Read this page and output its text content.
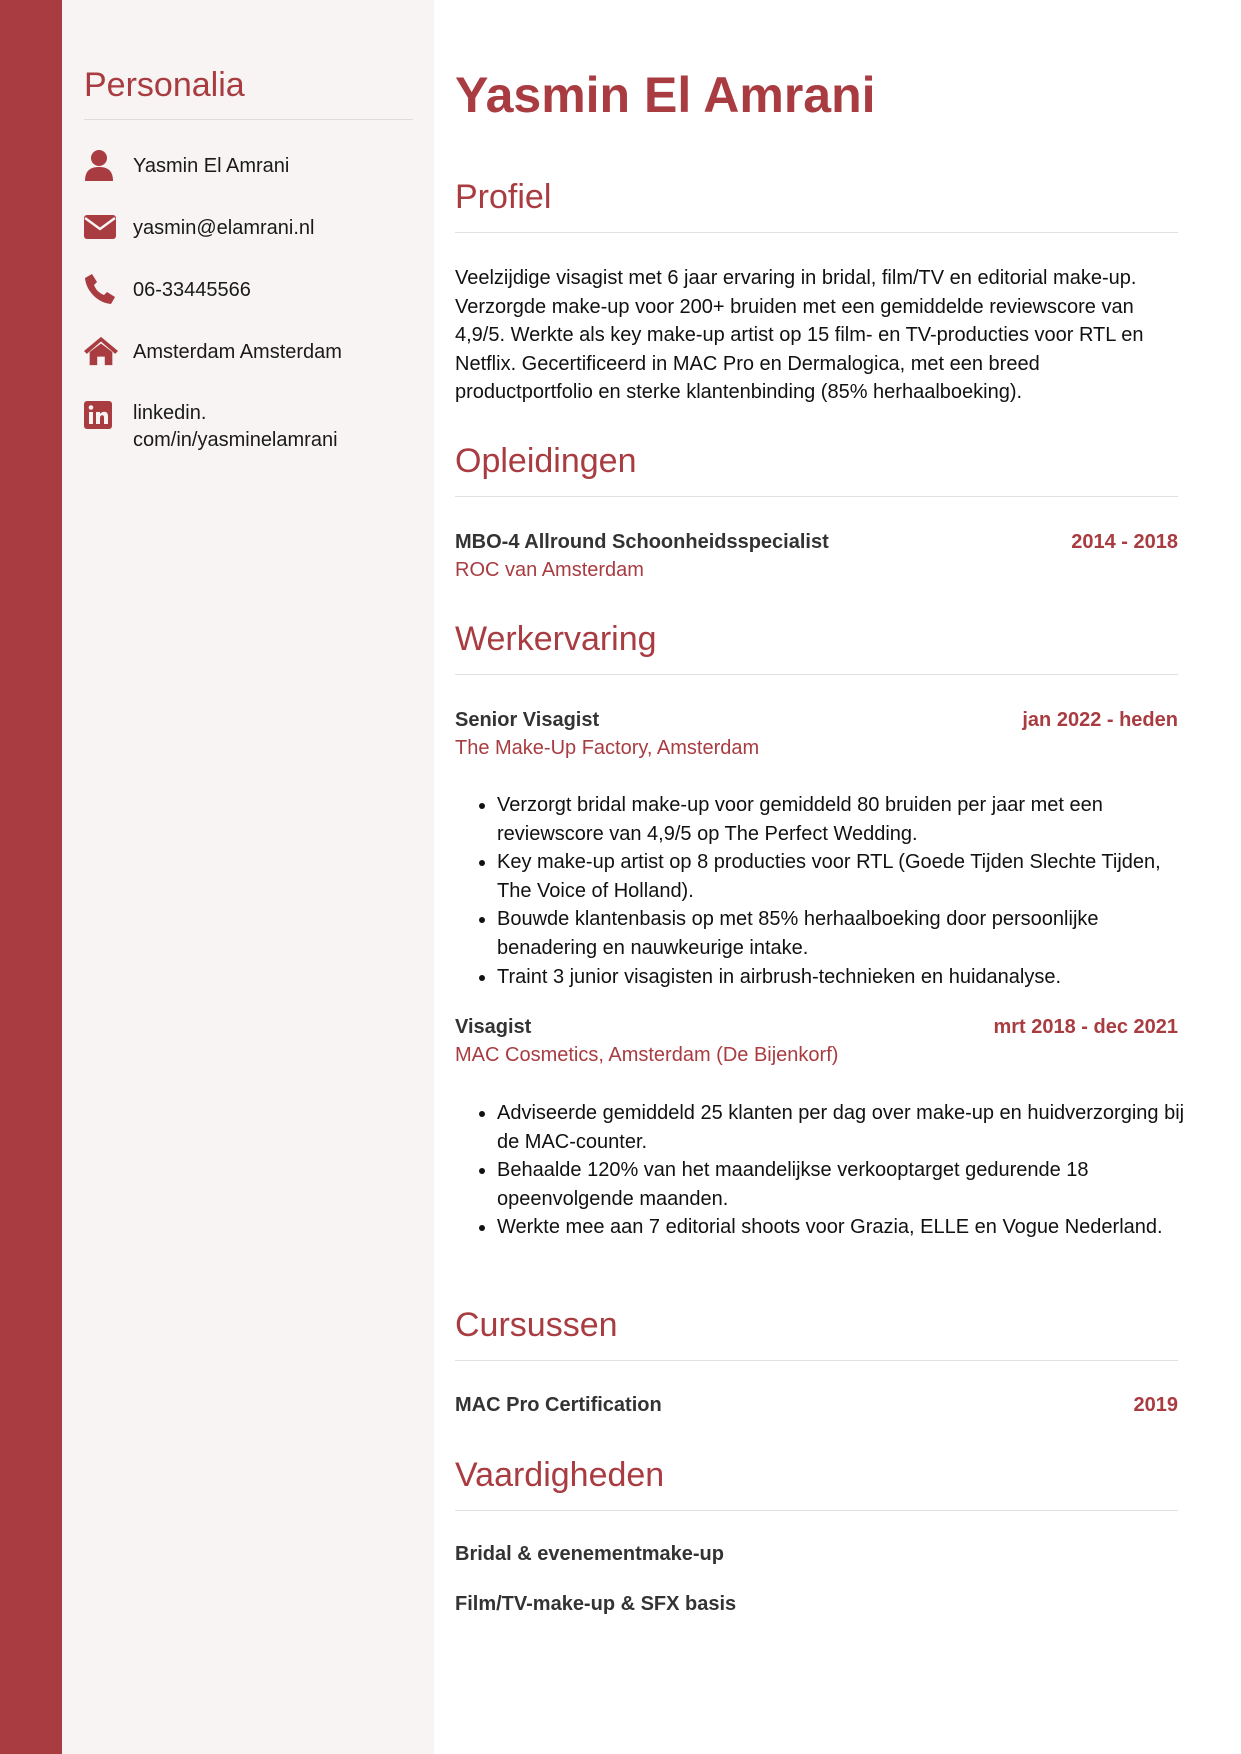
Personalia
Yasmin El Amrani
yasmin@elamrani.nl
06-33445566
Amsterdam Amsterdam
linkedin.
com/in/yasminelamrani
Yasmin El Amrani
Profiel

Veelzijdige visagist met 6 jaar ervaring in bridal, film/TV en editorial make-up. Verzorgde make-up voor 200+ bruiden met een gemiddelde reviewscore van 4,9/5. Werkte als key make-up artist op 15 film- en TV-producties voor RTL en Netflix. Gecertificeerd in MAC Pro en Dermalogica, met een breed productportfolio en sterke klantenbinding (85% herhaalboeking).

Opleidingen
MBO-4 Allround Schoonheidsspecialist	2014 - 2018
ROC van Amsterdam
Werkervaring
Senior Visagist	jan 2022 - heden
The Make-Up Factory, Amsterdam
• Verzorgt bridal make-up voor gemiddeld 80 bruiden per jaar met een reviewscore van 4,9/5 op The Perfect Wedding.
• Key make-up artist op 8 producties voor RTL (Goede Tijden Slechte Tijden, The Voice of Holland).
• Bouwde klantenbasis op met 85% herhaalboeking door persoonlijke benadering en nauwkeurige intake.
• Traint 3 junior visagisten in airbrush-technieken en huidanalyse.
Visagist	mrt 2018 - dec 2021
MAC Cosmetics, Amsterdam (De Bijenkorf)
• Adviseerde gemiddeld 25 klanten per dag over make-up en huidverzorging bij de MAC-counter.
• Behaalde 120% van het maandelijkse verkooptarget gedurende 18 opeenvolgende maanden.
• Werkte mee aan 7 editorial shoots voor Grazia, ELLE en Vogue Nederland.
Cursussen
MAC Pro Certification	2019
Vaardigheden
Bridal & evenementmake-up
Film/TV-make-up & SFX basis
